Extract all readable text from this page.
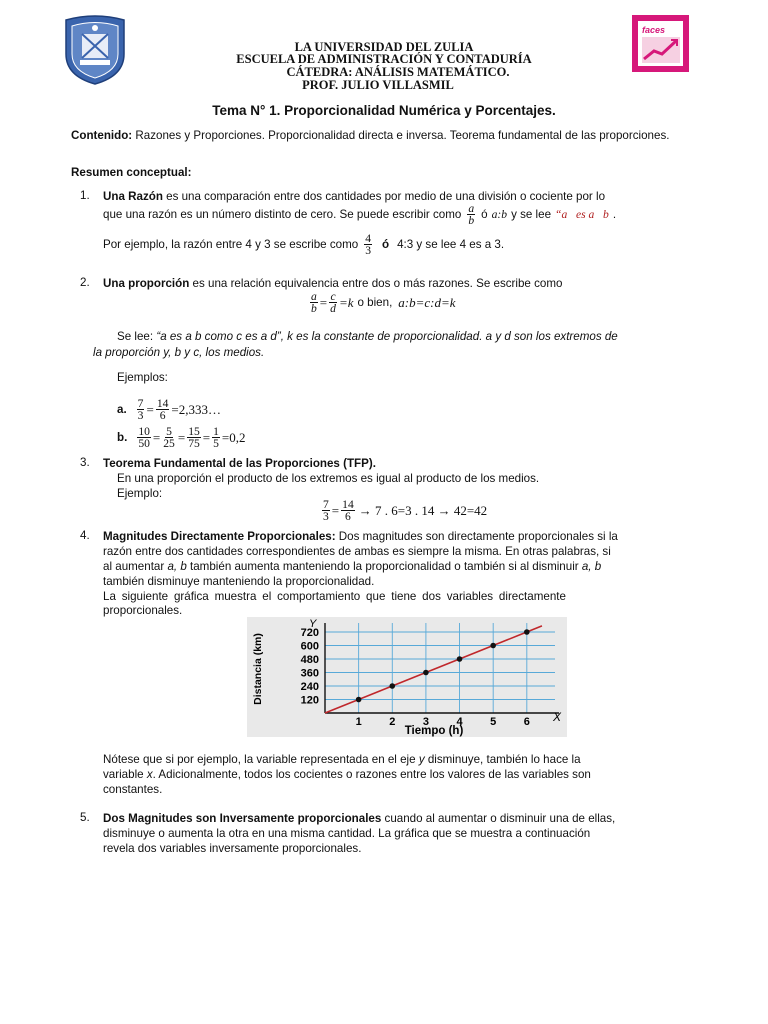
faces
LA UNIVERSIDAD DEL ZULIA
ESCUELA DE ADMINISTRACIÓN Y CONTADURÍA
CÁTEDRA: ANÁLISIS MATEMÁTICO.
PROF. JULIO VILLASMIL
Tema N° 1. Proporcionalidad Numérica y Porcentajes.
Contenido: Razones y Proporciones. Proporcionalidad directa e inversa. Teorema fundamental de las proporciones.
Resumen conceptual:
1. Una Razón es una comparación entre dos cantidades por medio de una división o cociente por lo
que una razón es un número distinto de cero. Se puede escribir como $\frac{a}{b}$ ó a:b y se lee “a   es a   b .
Por ejemplo, la razón entre 4 y 3 se escribe como $\frac{4}{3}$ ó 4:3 y se lee 4 es a 3.
2. Una proporción es una relación equivalencia entre dos o más razones. Se escribe como
$\frac{a}{b} = \frac{c}{d} =k$ o bien, a:b=c:d=k
Se lee: “a es a b como c es a d”, k es la constante de proporcionalidad. a y d son los extremos de
la proporción y, b y c, los medios.
Ejemplos:
a. $\frac{7}{3} = \frac{14}{6}$ =2,333…
b. $\frac{10}{50} = \frac{5}{25} = \frac{15}{75} = \frac{1}{5} =0,2$
3. Teorema Fundamental de las Proporciones (TFP).
En una proporción el producto de los extremos es igual al producto de los medios.
Ejemplo:
$\frac{7}{3} = \frac{14}{6} \to 7$ . 6=3 . 14 → 42=42
4. Magnitudes Directamente Proporcionales: Dos magnitudes son directamente proporcionales si la
razón entre dos cantidades correspondientes de ambas es siempre la misma. En otras palabras, si
al aumentar a, b también aumenta manteniendo la proporcionalidad o también si al disminuir a, b
también disminuye manteniendo la proporcionalidad.
La siguiente gráfica muestra el comportamiento que tiene dos variables directamente
proporcionales.
X
Y
1	2	3	4	5	6
120
240
360
480
600
720
Tiempo (h)
Distancia (km)
Nótese que si por ejemplo, la variable representada en el eje y disminuye, también lo hace la
variable x. Adicionalmente, todos los cocientes o razones entre los valores de las variables son
constantes.
5. Dos Magnitudes son Inversamente proporcionales cuando al aumentar o disminuir una de ellas,
disminuye o aumenta la otra en una misma cantidad. La gráfica que se muestra a continuación
revela dos variables inversamente proporcionales.
